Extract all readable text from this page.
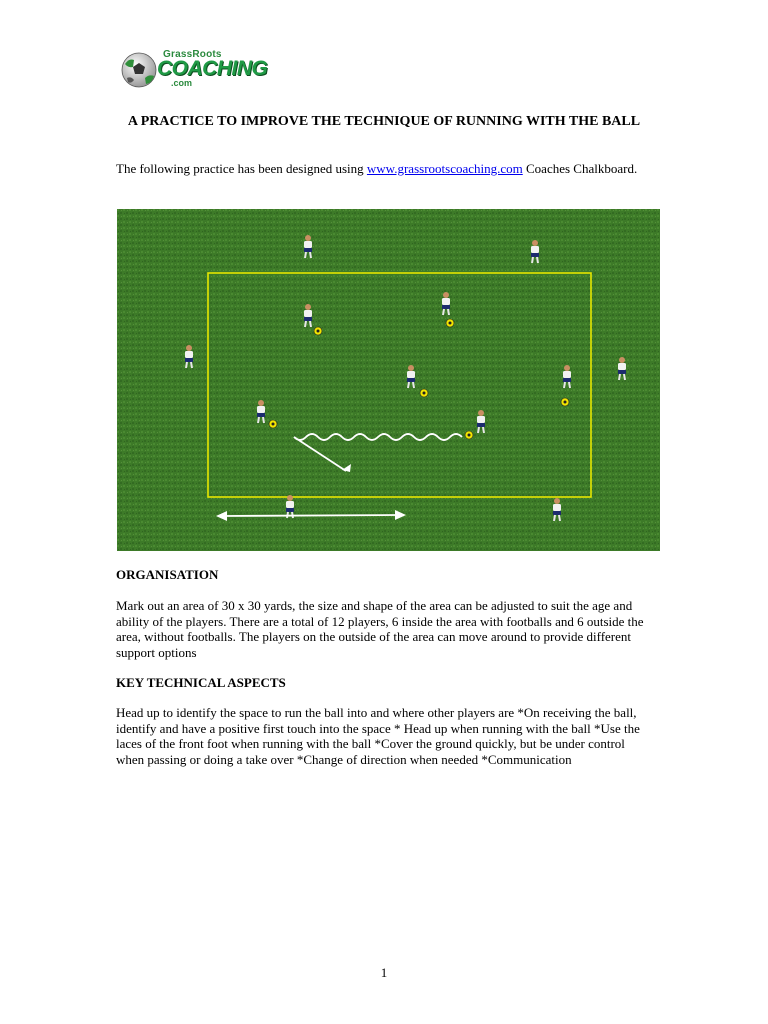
GrassRoots
COACHING
.com
A PRACTICE TO IMPROVE THE TECHNIQUE OF RUNNING WITH THE BALL
The following practice has been designed using www.grassrootscoaching.com Coaches Chalkboard.
ORGANISATION
Mark out an area of 30 x 30 yards, the size and shape of the area can be adjusted to suit the age and ability of the players. There are a total of 12 players, 6 inside the area with footballs and 6 outside the area, without footballs. The players on the outside of the area can move around to provide different support options
KEY TECHNICAL ASPECTS
Head up to identify the space to run the ball into and where other players are *On receiving the ball, identify and have a positive first touch into the space * Head up when running with the ball *Use the laces of the front foot when running with the ball *Cover the ground quickly, but be under control when passing or doing a take over *Change of direction when needed *Communication
1
